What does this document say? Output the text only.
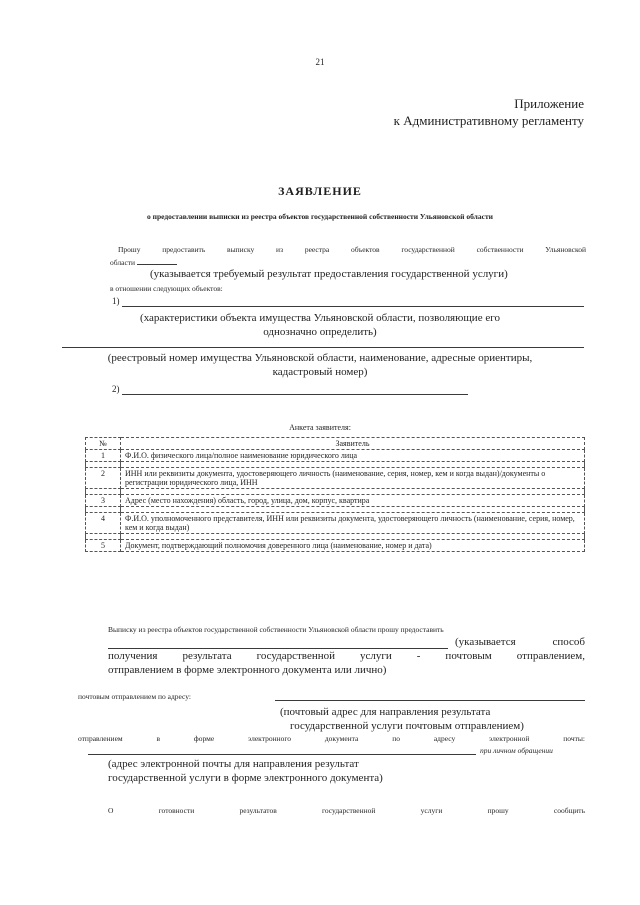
21
Приложение
к Административному регламенту
ЗАЯВЛЕНИЕ
о предоставлении выписки из реестра объектов государственной собственности Ульяновской области
Прошу предоставить выписку из реестра объектов государственной собственности Ульяновской
области
(указывается требуемый результат предоставления государственной услуги)
в отношении следующих объектов:
1)
(характеристики объекта имущества Ульяновской области, позволяющие его
однозначно определить)
(реестровый номер имущества Ульяновской области, наименование, адресные ориентиры,
кадастровый номер)
2)
Анкета заявителя:
№	Заявитель
1	Ф.И.О. физического лица/полное наименование юридического лица

2	ИНН или реквизиты документа, удостоверяющего личность (наименование, серия, номер, кем и когда выдан)/документы о регистрации юридического лица, ИНН

3	Адрес (место нахождения) область, город, улица, дом, корпус, квартира

4	Ф.И.О. уполномоченного представителя, ИНН или реквизиты документа, удостоверяющего личность (наименование, серия, номер, кем и когда выдан)

5	Документ, подтверждающий полномочия доверенного лица (наименование, номер и дата)
Выписку из реестра объектов государственной собственности Ульяновской области прошу предоставить
(указывается способ
получения результата государственной услуги - почтовым отправлением,
отправлением в форме электронного документа или лично)
почтовым отправлением по адресу:
(почтовый адрес для направления результата
государственной услуги почтовым отправлением)
отправлением в форме электронного документа по адресу электронной почты:
при личном обращении
(адрес электронной почты для направления результат
государственной услуги в форме электронного документа)
О готовности результатов государственной услуги прошу сообщить
